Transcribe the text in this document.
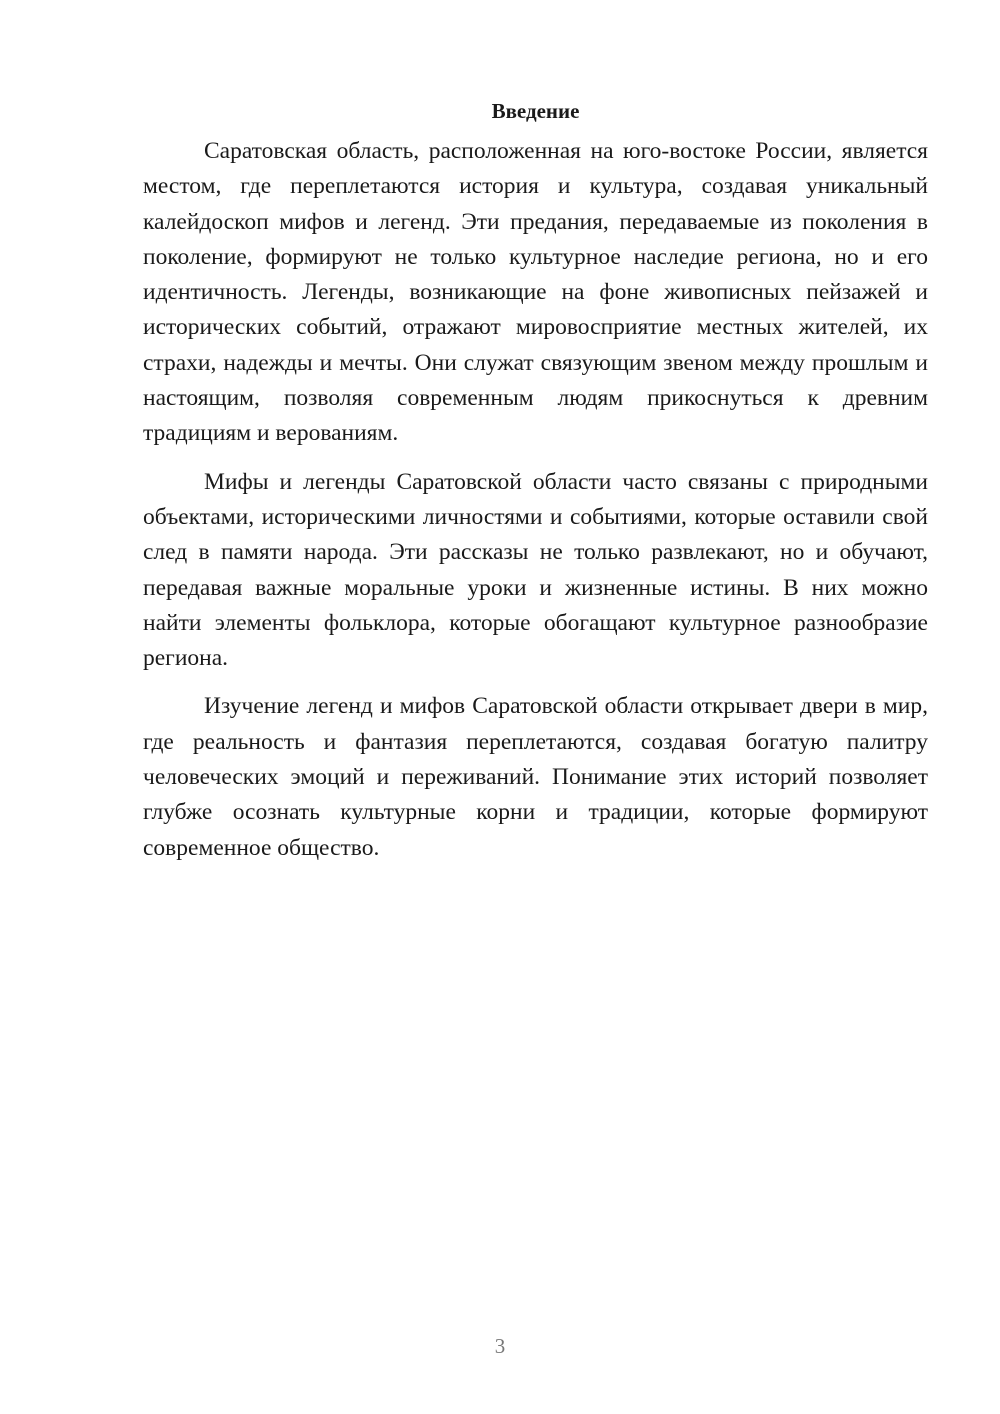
Введение

Саратовская область, расположенная на юго-востоке России, является местом, где переплетаются история и культура, создавая уникальный калейдоскоп мифов и легенд. Эти предания, передаваемые из поколения в поколение, формируют не только культурное наследие региона, но и его идентичность. Легенды, возникающие на фоне живописных пейзажей и исторических событий, отражают мировосприятие местных жителей, их страхи, надежды и мечты. Они служат связующим звеном между прошлым и настоящим, позволяя современным людям прикоснуться к древним традициям и верованиям.

Мифы и легенды Саратовской области часто связаны с природными объектами, историческими личностями и событиями, которые оставили свой след в памяти народа. Эти рассказы не только развлекают, но и обучают, передавая важные моральные уроки и жизненные истины. В них можно найти элементы фольклора, которые обогащают культурное разнообразие региона.

Изучение легенд и мифов Саратовской области открывает двери в мир, где реальность и фантазия переплетаются, создавая богатую палитру человеческих эмоций и переживаний. Понимание этих историй позволяет глубже осознать культурные корни и традиции, которые формируют современное общество.

3
